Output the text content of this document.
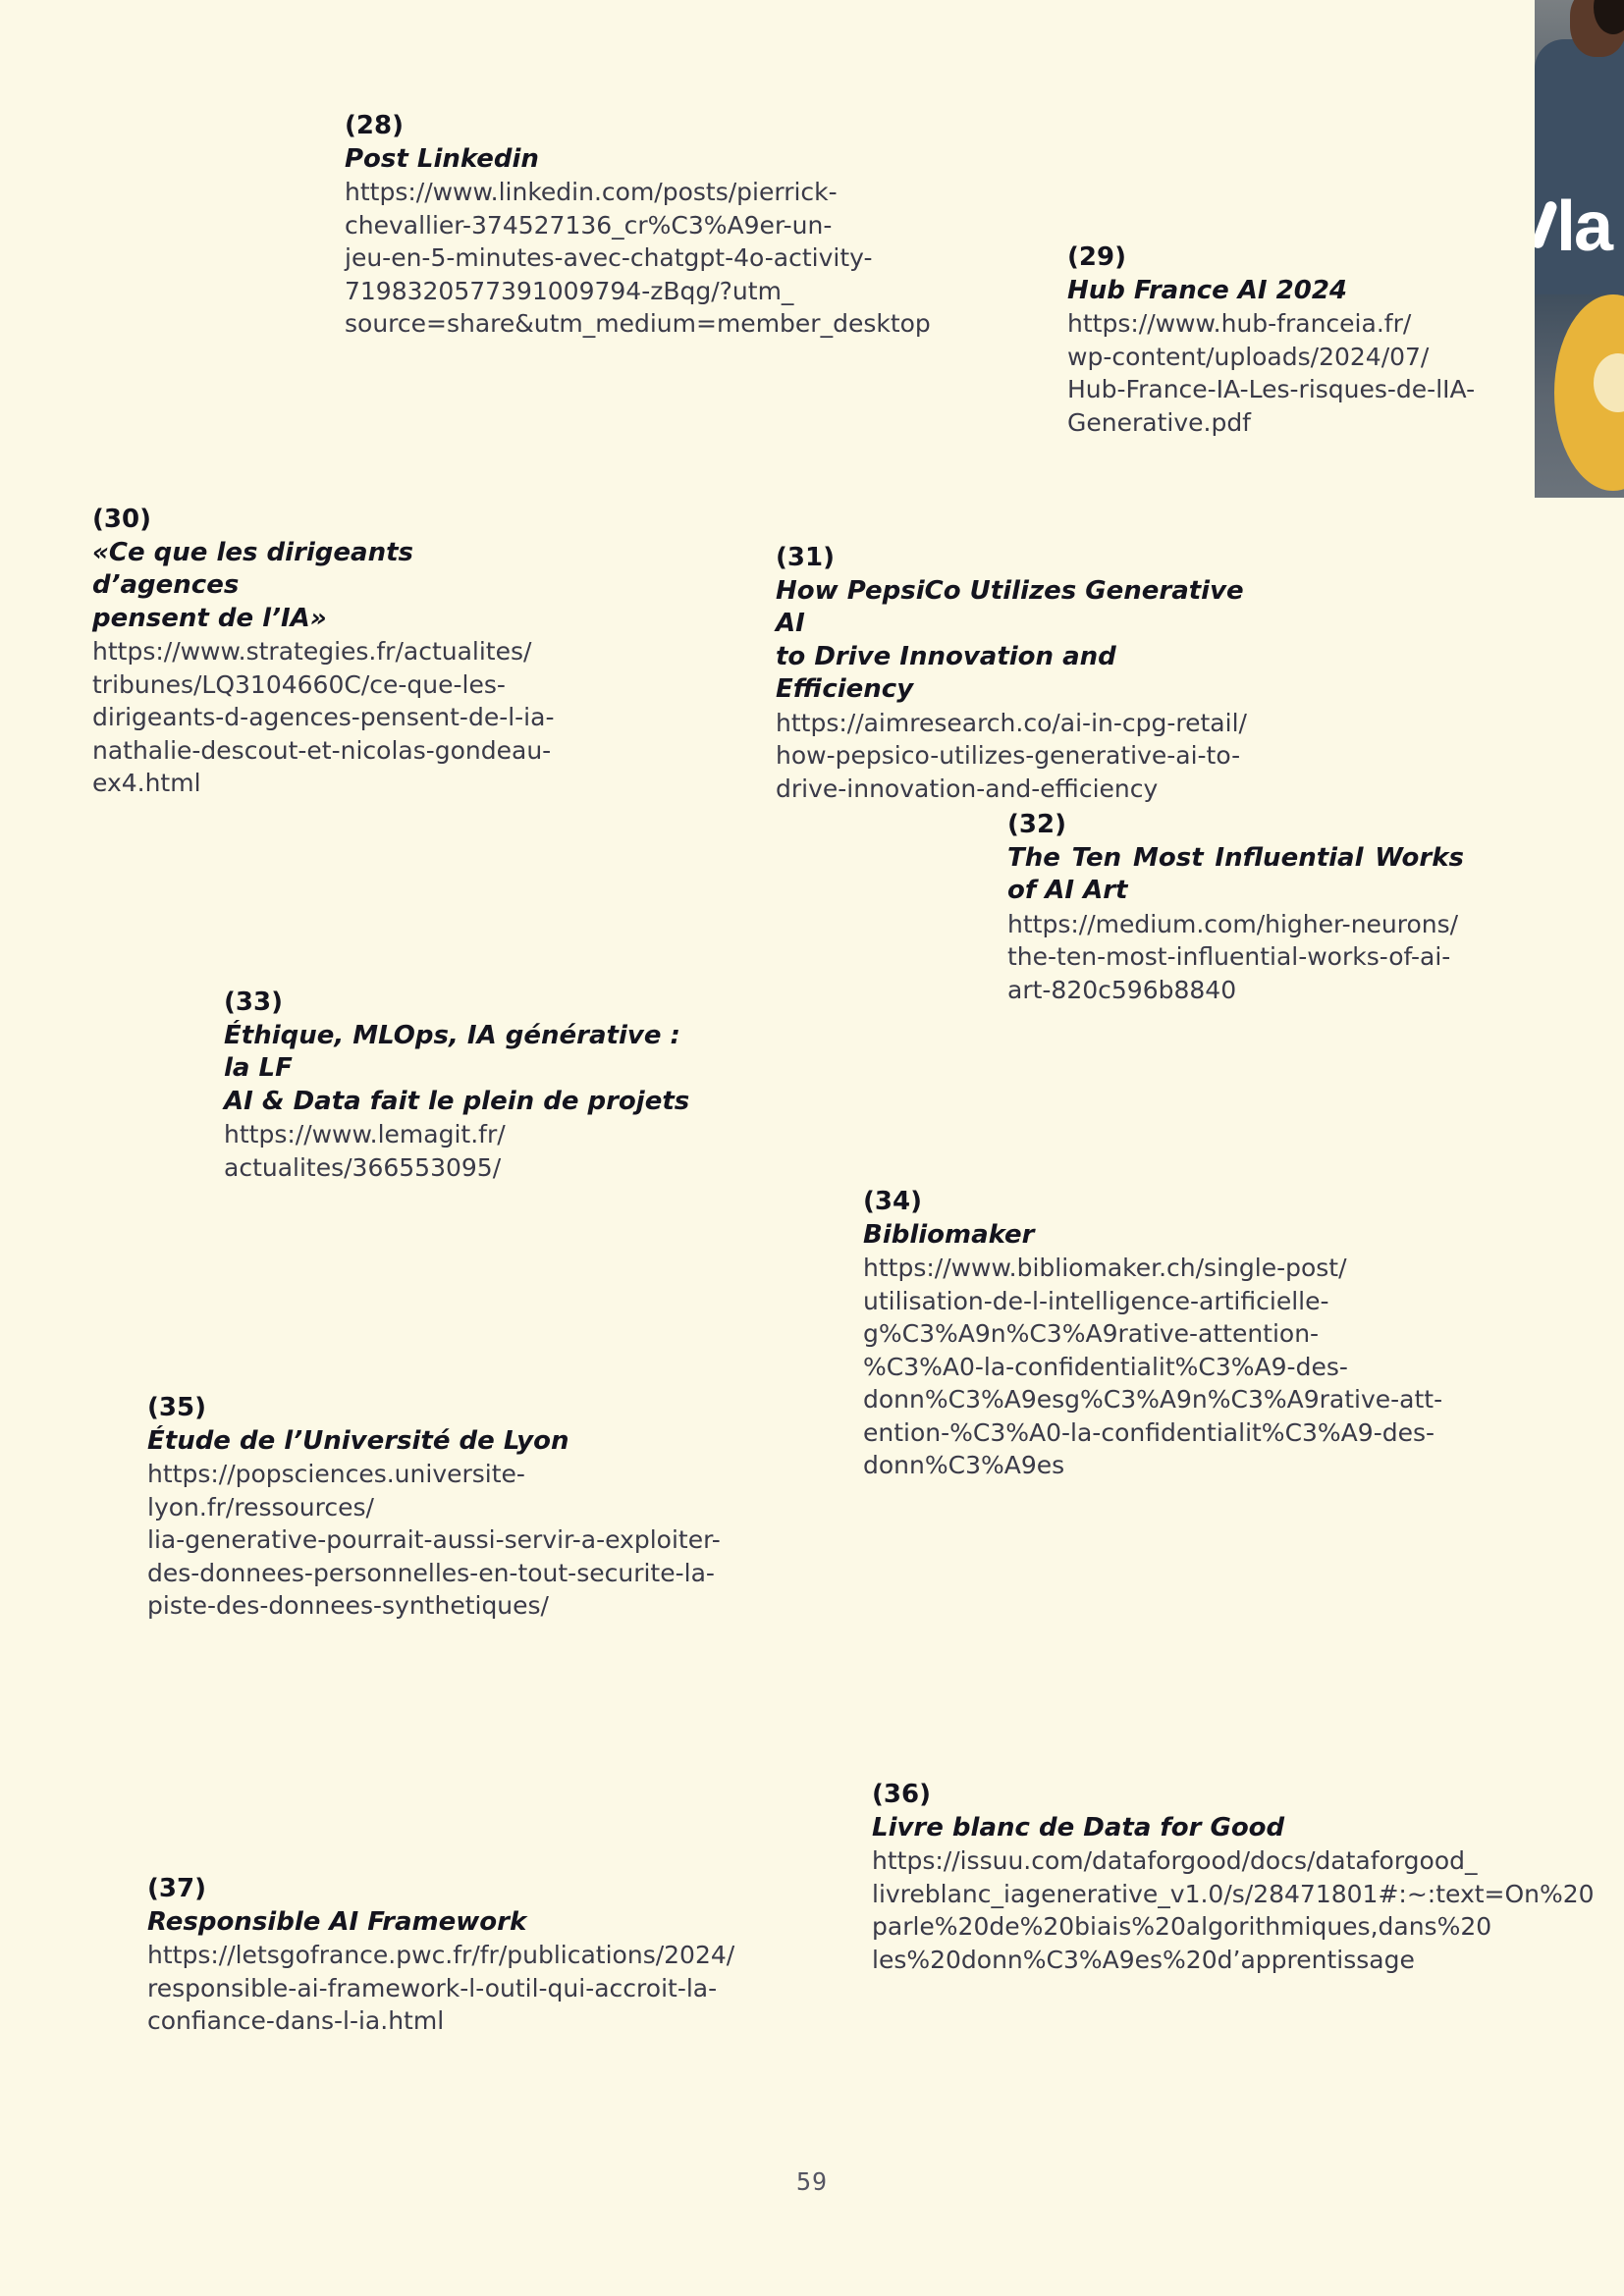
(28)
Post Linkedin
https://www.linkedin.com/posts/pierrick-
chevallier-374527136_cr%C3%A9er-un-
jeu-en-5-minutes-avec-chatgpt-4o-activity-
7198320577391009794-zBqg/?utm_
source=share&utm_medium=member_desktop
(29)
Hub France AI 2024
https://www.hub-franceia.fr/
wp-content/uploads/2024/07/
Hub-France-IA-Les-risques-de-lIA-
Generative.pdf
(30)
«Ce que les dirigeants d’agences
pensent de l’IA»
https://www.strategies.fr/actualites/
tribunes/LQ3104660C/ce-que-les-
dirigeants-d-agences-pensent-de-l-ia-
nathalie-descout-et-nicolas-gondeau-
ex4.html
(31)
How PepsiCo Utilizes Generative AI
to Drive Innovation and Efficiency
https://aimresearch.co/ai-in-cpg-retail/
how-pepsico-utilizes-generative-ai-to-
drive-innovation-and-efficiency
(32)
The Ten Most Influential Works of AI Art
https://medium.com/higher-neurons/
the-ten-most-influential-works-of-ai-
art-820c596b8840
(33)
Éthique, MLOps, IA générative : la LF
AI & Data fait le plein de projets
https://www.lemagit.fr/
actualites/366553095/
(34)
Bibliomaker
https://www.bibliomaker.ch/single-post/
utilisation-de-l-intelligence-artificielle-
g%C3%A9n%C3%A9rative-attention-
%C3%A0-la-confidentialit%C3%A9-des-
donn%C3%A9esg%C3%A9n%C3%A9rative-att-
ention-%C3%A0-la-confidentialit%C3%A9-des-
donn%C3%A9es
(35)
Étude de l’Université de Lyon
https://popsciences.universite-lyon.fr/ressources/
lia-generative-pourrait-aussi-servir-a-exploiter-
des-donnees-personnelles-en-tout-securite-la-
piste-des-donnees-synthetiques/
(36)
Livre blanc de Data for Good
https://issuu.com/dataforgood/docs/dataforgood_
livreblanc_iagenerative_v1.0/s/28471801#:~:text=On%20
parle%20de%20biais%20algorithmiques,dans%20
les%20donn%C3%A9es%20d’apprentissage
(37)
Responsible AI Framework
https://letsgofrance.pwc.fr/fr/publications/2024/
responsible-ai-framework-l-outil-qui-accroit-la-
confiance-dans-l-ia.html
la
59
